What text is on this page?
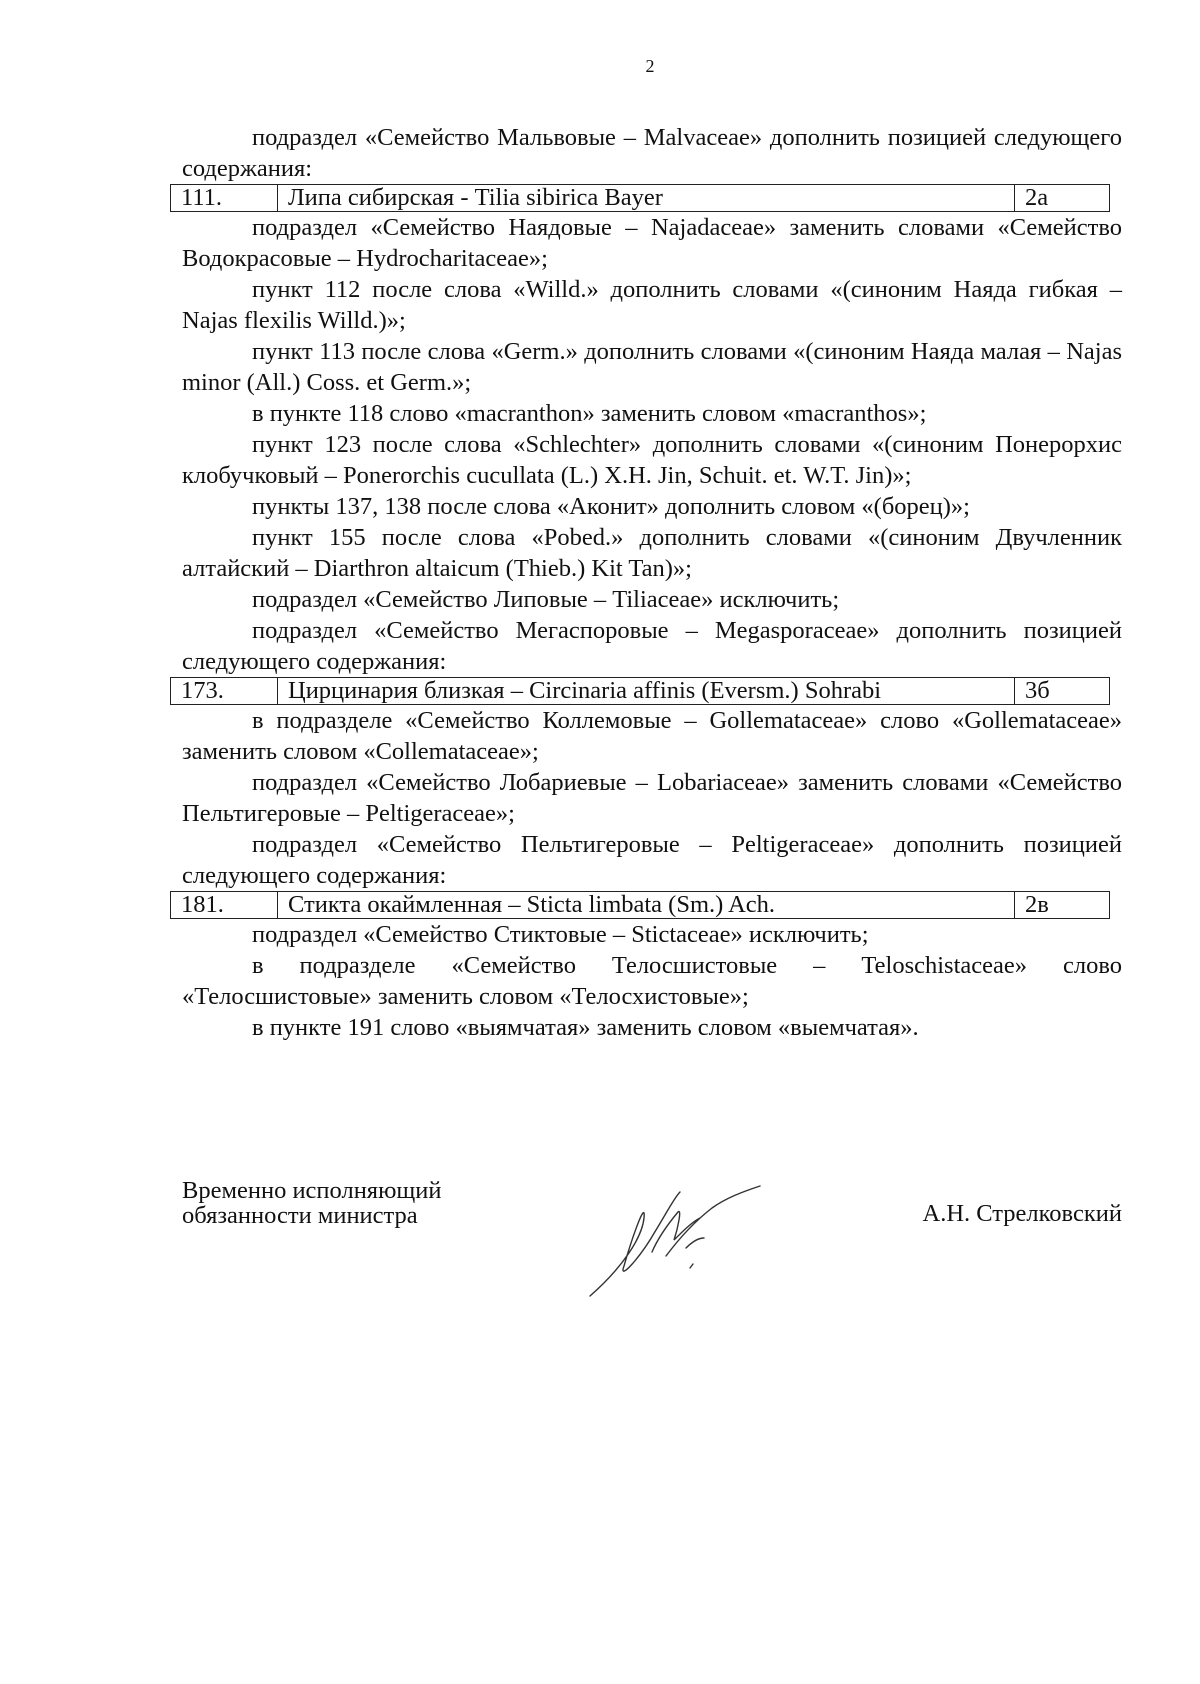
2

подраздел «Семейство Мальвовые – Malvaceae» дополнить позицией следующего содержания:

111.	Липа сибирская - Tilia sibirica Bayer	2а

подраздел «Семейство Наядовые – Najadaceae» заменить словами «Семейство Водокрасовые – Hydrocharitaceae»;

пункт 112 после слова «Willd.» дополнить словами «(синоним Наяда гибкая – Najas flexilis Willd.)»;

пункт 113 после слова «Germ.» дополнить словами «(синоним Наяда малая – Najas minor (All.) Coss. et Germ.»;

в пункте 118 слово «macranthon» заменить словом «macranthos»;

пункт 123 после слова «Schlechter» дополнить словами «(синоним Понерорхис клобучковый – Ponerorchis cucullata (L.) X.H. Jin, Schuit. et. W.T. Jin)»;

пункты 137, 138 после слова «Аконит» дополнить словом «(борец)»;

пункт 155 после слова «Pobed.» дополнить словами «(синоним Двучленник алтайский – Diarthron altaicum (Thieb.) Kit Tan)»;

подраздел «Семейство Липовые – Tiliaceae» исключить;

подраздел «Семейство Мегаспоровые – Megasporaceae» дополнить позицией следующего содержания:

173.	Цирцинария близкая – Circinaria affinis (Eversm.) Sohrabi	3б

в подразделе «Семейство Коллемовые – Gollemataceae» слово «Gollemataceae» заменить словом «Collemataceae»;

подраздел «Семейство Лобариевые – Lobariaceae» заменить словами «Семейство Пельтигеровые – Peltigeraceae»;

подраздел «Семейство Пельтигеровые – Peltigeraceae» дополнить позицией следующего содержания:

181.	Стикта окаймленная – Sticta limbata (Sm.) Ach.	2в

подраздел «Семейство Стиктовые – Stictaceae» исключить;

в подразделе «Семейство Телосшистовые – Teloschistaceae» слово «Телосшистовые» заменить словом «Телосхистовые»;

в пункте 191 слово «выямчатая» заменить словом «выемчатая».

Временно исполняющий
обязанности министра	А.Н. Стрелковский
